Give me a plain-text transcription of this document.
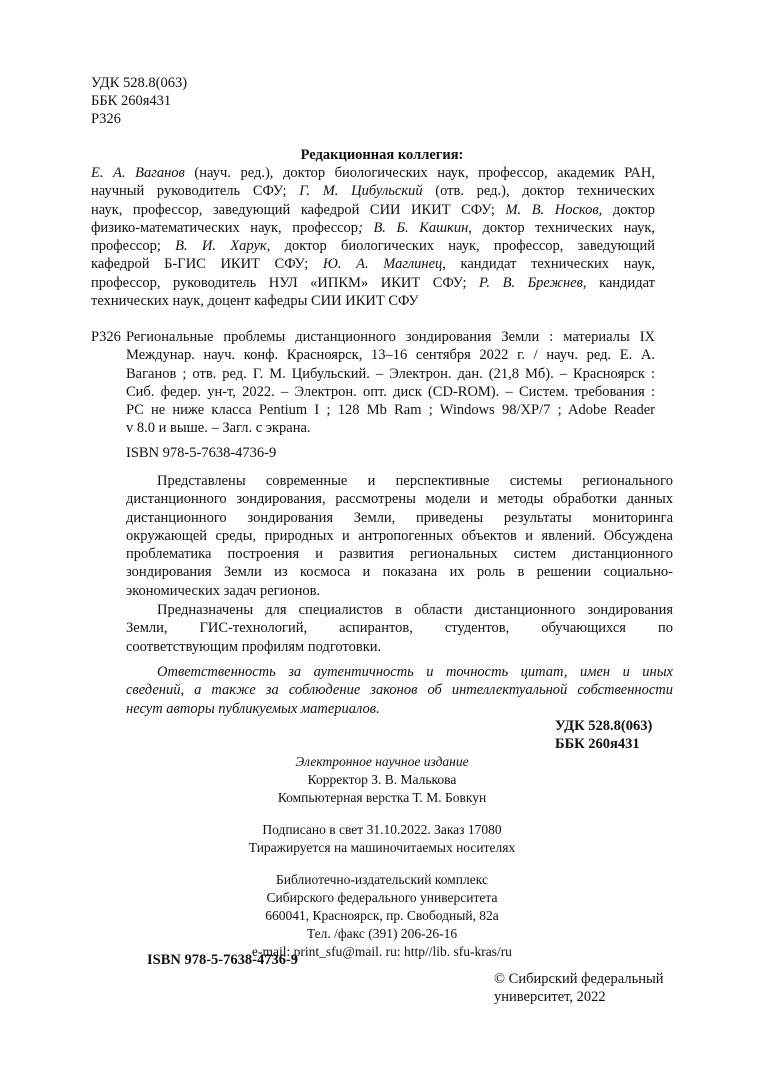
УДК 528.8(063)
ББК 260я431
Р326
Редакционная коллегия:
Е. А. Ваганов (науч. ред.), доктор биологических наук, профессор, академик РАН,
научный руководитель СФУ; Г. М. Цибульский (отв. ред.), доктор технических
наук, профессор, заведующий кафедрой СИИ ИКИТ СФУ; М. В. Носков, доктор
физико-математических наук, профессор; В. Б. Кашкин, доктор технических наук,
профессор; В. И. Харук, доктор биологических наук, профессор, заведующий
кафедрой Б-ГИС ИКИТ СФУ; Ю. А. Маглинец, кандидат технических наук,
профессор, руководитель НУЛ «ИПКМ» ИКИТ СФУ; Р. В. Брежнев, кандидат
технических наук, доцент кафедры СИИ ИКИТ СФУ
Р326 Региональные проблемы дистанционного зондирования Земли : материалы IX
Междунар. науч. конф. Красноярск, 13–16 сентября 2022 г. / науч. ред. Е. А.
Ваганов ; отв. ред. Г. М. Цибульский. – Электрон. дан. (21,8 Мб). – Красноярск :
Сиб. федер. ун-т, 2022. – Электрон. опт. диск (CD-ROM). – Систем. требования :
PC не ниже класса Pentium I ; 128 Mb Ram ; Windows 98/XP/7 ; Adobe Reader
v 8.0 и выше. – Загл. с экрана.
ISBN 978-5-7638-4736-9
Представлены современные и перспективные системы регионального
дистанционного зондирования, рассмотрены модели и методы обработки данных
дистанционного зондирования Земли, приведены результаты мониторинга
окружающей среды, природных и антропогенных объектов и явлений. Обсуждена
проблематика построения и развития региональных систем дистанционного
зондирования Земли из космоса и показана их роль в решении социально-
экономических задач регионов.
Предназначены для специалистов в области дистанционного зондирования
Земли, ГИС-технологий, аспирантов, студентов, обучающихся по
соответствующим профилям подготовки.
Ответственность за аутентичность и точность цитат, имен и иных
сведений, а также за соблюдение законов об интеллектуальной собственности
несут авторы публикуемых материалов.
УДК 528.8(063)
ББК 260я431
Электронное научное издание
Корректор З. В. Малькова
Компьютерная верстка Т. М. Бовкун
Подписано в свет 31.10.2022. Заказ 17080
Тиражируется на машиночитаемых носителях
Библиотечно-издательский комплекс
Сибирского федерального университета
660041, Красноярск, пр. Свободный, 82а
Тел. /факс (391) 206-26-16
e-mail: print_sfu@mail. ru: http//lib. sfu-kras/ru
ISBN 978-5-7638-4736-9
© Сибирский федеральный
университет, 2022
